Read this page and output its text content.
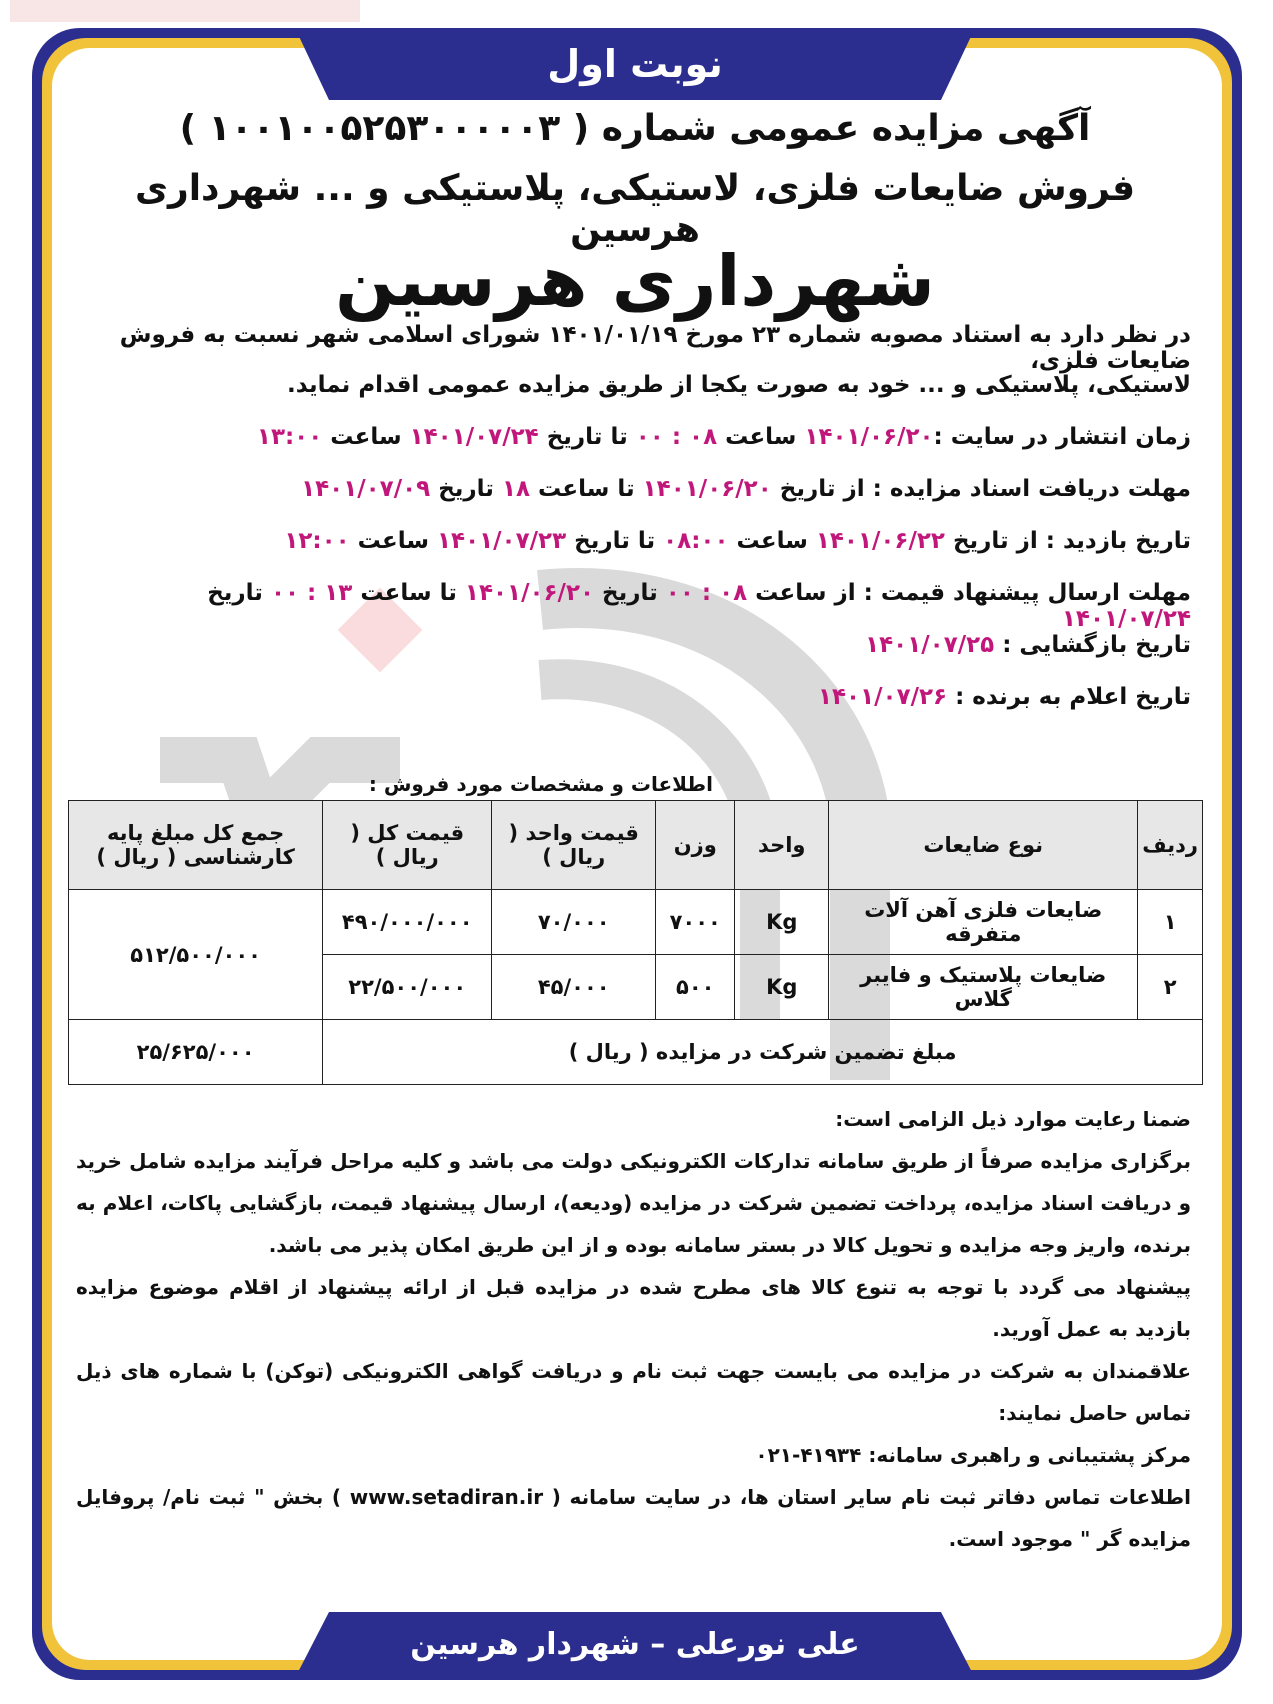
نوبت اول
آگهی مزایده عمومی شماره ( ۱۰۰۱۰۰۵۲۵۳۰۰۰۰۰۳ )
فروش ضایعات فلزی، لاستیکی، پلاستیکی و ... شهرداری هرسین
شهرداری هرسین
در نظر دارد به استناد مصوبه شماره ۲۳ مورخ ۱۴۰۱/۰۱/۱۹ شورای اسلامی شهر نسبت به فروش ضایعات فلزی،
لاستیکی، پلاستیکی و ... خود به صورت یکجا از طریق مزایده عمومی اقدام نماید.
زمان انتشار در سایت :۱۴۰۱/۰۶/۲۰ ساعت ۰۸ : ۰۰ تا تاریخ ۱۴۰۱/۰۷/۲۴ ساعت ۱۳:۰۰
مهلت دریافت اسناد مزایده : از تاریخ ۱۴۰۱/۰۶/۲۰ تا ساعت ۱۸ تاریخ ۱۴۰۱/۰۷/۰۹
تاریخ بازدید : از تاریخ ۱۴۰۱/۰۶/۲۲ ساعت ۰۸:۰۰ تا تاریخ ۱۴۰۱/۰۷/۲۳ ساعت ۱۲:۰۰
مهلت ارسال پیشنهاد قیمت : از ساعت ۰۸ : ۰۰ تاریخ ۱۴۰۱/۰۶/۲۰ تا ساعت ۱۳ : ۰۰ تاریخ ۱۴۰۱/۰۷/۲۴
تاریخ بازگشایی : ۱۴۰۱/۰۷/۲۵
تاریخ اعلام به برنده : ۱۴۰۱/۰۷/۲۶
اطلاعات و مشخصات مورد فروش :
ردیف	نوع ضایعات	واحد	وزن	قیمت واحد ( ریال )	قیمت کل ( ریال )	جمع کل مبلغ پایه کارشناسی ( ریال )
۱	ضایعات فلزی آهن آلات متفرقه	Kg	۷۰۰۰	۷۰/۰۰۰	۴۹۰/۰۰۰/۰۰۰	۵۱۲/۵۰۰/۰۰۰
۲	ضایعات پلاستیک و فایبر گلاس	Kg	۵۰۰	۴۵/۰۰۰	۲۲/۵۰۰/۰۰۰	
مبلغ تضمین شرکت در مزایده ( ریال )						۲۵/۶۲۵/۰۰۰

ضمنا رعایت موارد ذیل الزامی است:

برگزاری مزایده صرفاً از طریق سامانه تدارکات الکترونیکی دولت می باشد و کلیه مراحل فرآیند مزایده شامل خرید و دریافت اسناد مزایده، پرداخت تضمین شرکت در مزایده (ودیعه)، ارسال پیشنهاد قیمت، بازگشایی پاکات، اعلام به برنده، واریز وجه مزایده و تحویل کالا در بستر سامانه بوده و از این طریق امکان پذیر می باشد.

پیشنهاد می گردد با توجه به تنوع کالا های مطرح شده در مزایده قبل از ارائه پیشنهاد از اقلام موضوع مزایده بازدید به عمل آورید.

علاقمندان به شرکت در مزایده می بایست جهت ثبت نام و دریافت گواهی الکترونیکی (توکن) با شماره های ذیل تماس حاصل نمایند:

مرکز پشتیبانی و راهبری سامانه: ۴۱۹۳۴-۰۲۱

اطلاعات تماس دفاتر ثبت نام سایر استان ها، در سایت سامانه ( www.setadiran.ir ) بخش " ثبت نام/ پروفایل مزایده گر " موجود است.

علی نورعلی – شهردار هرسین
